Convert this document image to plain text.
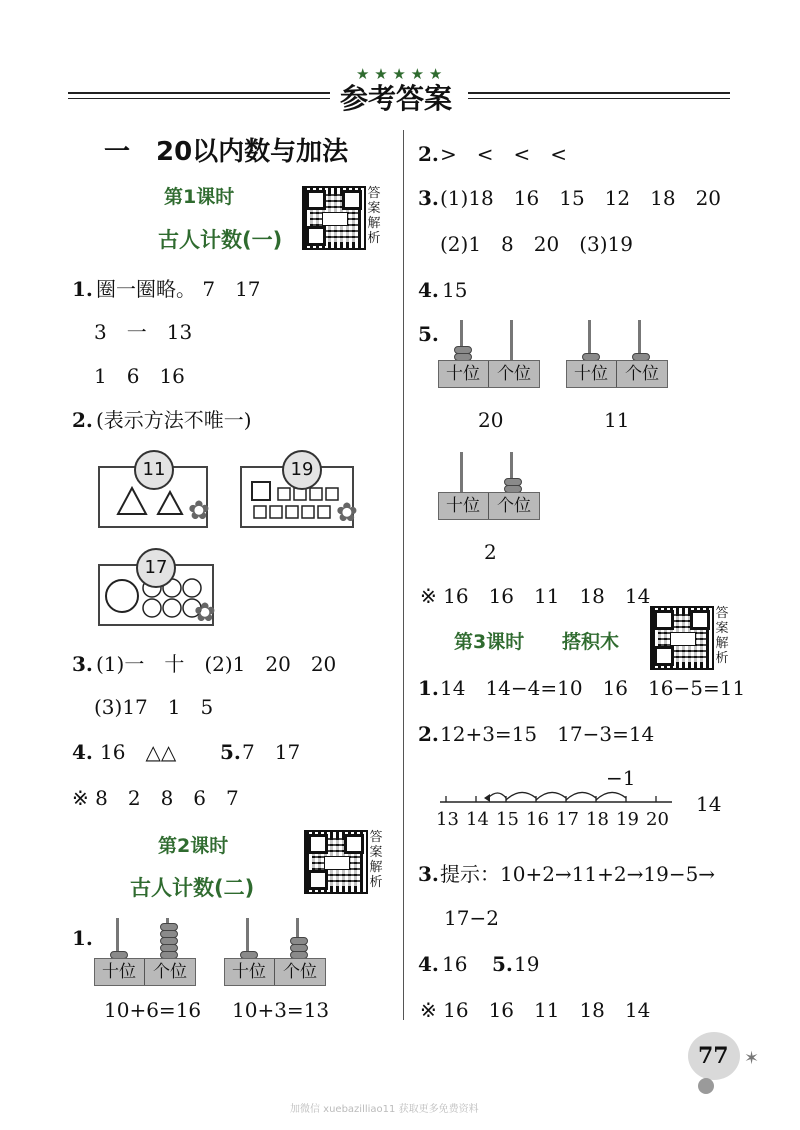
★ ★ ★ ★ ★
参考答案
一　20以内数与加法
第1课时
古人计数(一)
答
案
解
析
1. 圈一圈略。 7　17
3　一　13
1　6　16
2. (表示方法不唯一)
11
✿
19
✿
17
✿
3. (1)一　十　(2)1　20　20
(3)17　1　5
4. 16　△△ 5. 7　17
※ 8　2　8　6　7
第2课时
古人计数(二)
答
案
解
析
1.
十位	个位
10+6=16
十位	个位
10+3=13
2. >　<　<　<
3. (1)18　16　15　12　18　20
(2)1　8　20　(3)19
4. 15
5.
十位	个位
20
十位	个位
11
十位	个位
2
※ 16　16　11　18　14
第3课时 搭积木
答
案
解
析
1. 14　14−4=10　16　16−5=11
2. 12+3=15　17−3=14
−1
13 14 15 16 17 18 19 20
14
3. 提示：10+2→11+2→19−5→
17−2
4. 16 5. 19
※ 16　16　11　18　14
77 ✶
加微信 xuebazilliao11 获取更多免费资料
